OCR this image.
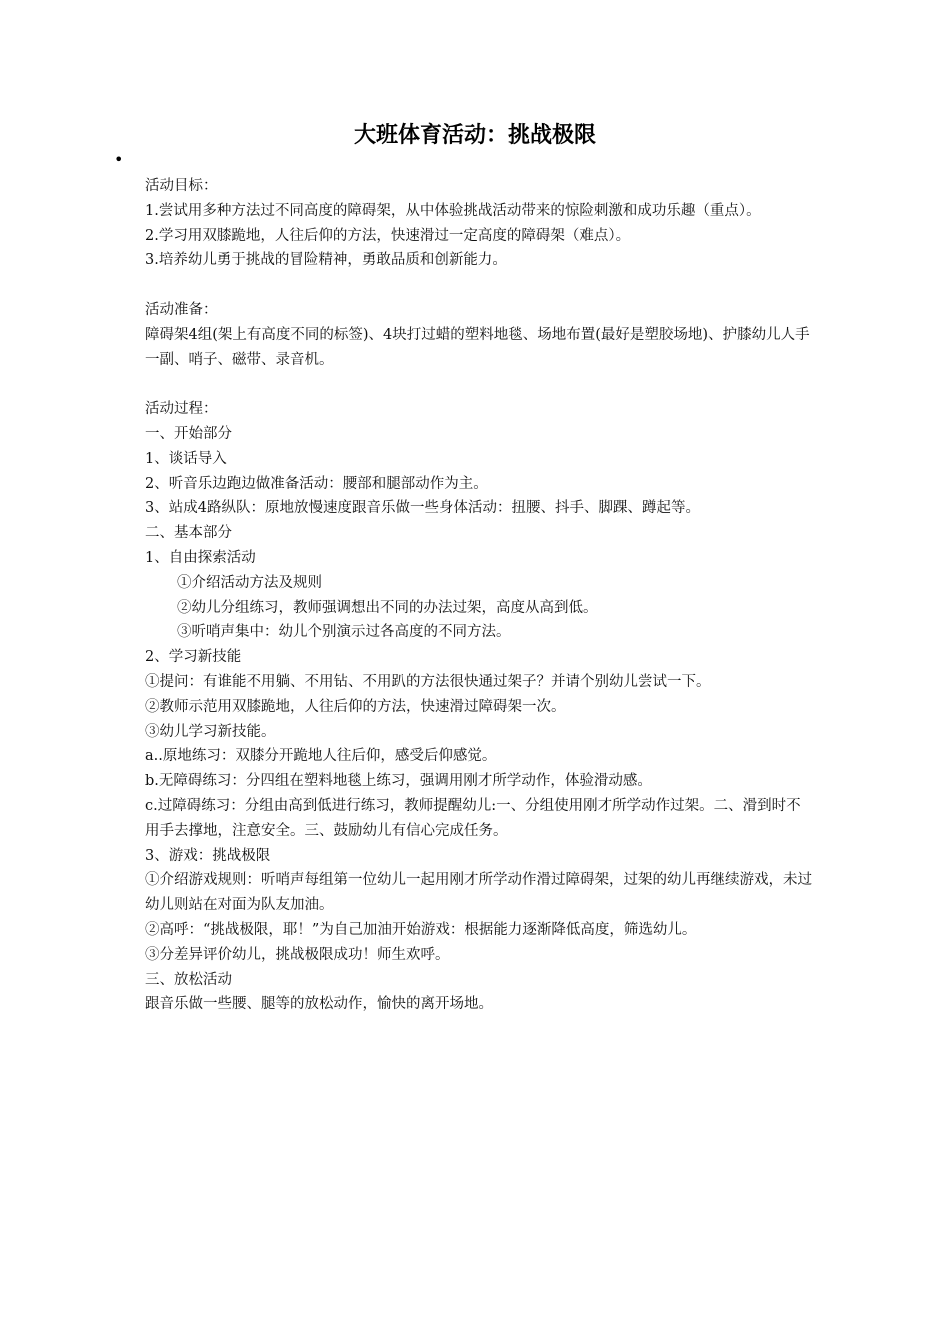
大班体育活动：挑战极限
•

活动目标：

1.尝试用多种方法过不同高度的障碍架，从中体验挑战活动带来的惊险刺激和成功乐趣（重点）。

2.学习用双膝跪地，人往后仰的方法，快速滑过一定高度的障碍架（难点）。

3.培养幼儿勇于挑战的冒险精神，勇敢品质和创新能力。

活动准备：

障碍架4组(架上有高度不同的标签)、4块打过蜡的塑料地毯、场地布置(最好是塑胶场地)、护膝幼儿人手一副、哨子、磁带、录音机。

活动过程：

一、开始部分

1、谈话导入

2、听音乐边跑边做准备活动：腰部和腿部动作为主。

3、站成4路纵队：原地放慢速度跟音乐做一些身体活动：扭腰、抖手、脚踝、蹲起等。

二、基本部分

1、自由探索活动

①介绍活动方法及规则

②幼儿分组练习，教师强调想出不同的办法过架，高度从高到低。

③听哨声集中：幼儿个别演示过各高度的不同方法。

2、学习新技能

①提问：有谁能不用躺、不用钻、不用趴的方法很快通过架子？并请个别幼儿尝试一下。

②教师示范用双膝跪地，人往后仰的方法，快速滑过障碍架一次。

③幼儿学习新技能。

a..原地练习：双膝分开跪地人往后仰，感受后仰感觉。

b.无障碍练习：分四组在塑料地毯上练习，强调用刚才所学动作，体验滑动感。

c.过障碍练习：分组由高到低进行练习，教师提醒幼儿:一、分组使用刚才所学动作过架。二、滑到时不用手去撑地，注意安全。三、鼓励幼儿有信心完成任务。

3、游戏：挑战极限

①介绍游戏规则：听哨声每组第一位幼儿一起用刚才所学动作滑过障碍架，过架的幼儿再继续游戏，未过幼儿则站在对面为队友加油。

②高呼：“挑战极限，耶！”为自己加油开始游戏：根据能力逐渐降低高度，筛选幼儿。

③分差异评价幼儿，挑战极限成功！师生欢呼。

三、放松活动

跟音乐做一些腰、腿等的放松动作，愉快的离开场地。
